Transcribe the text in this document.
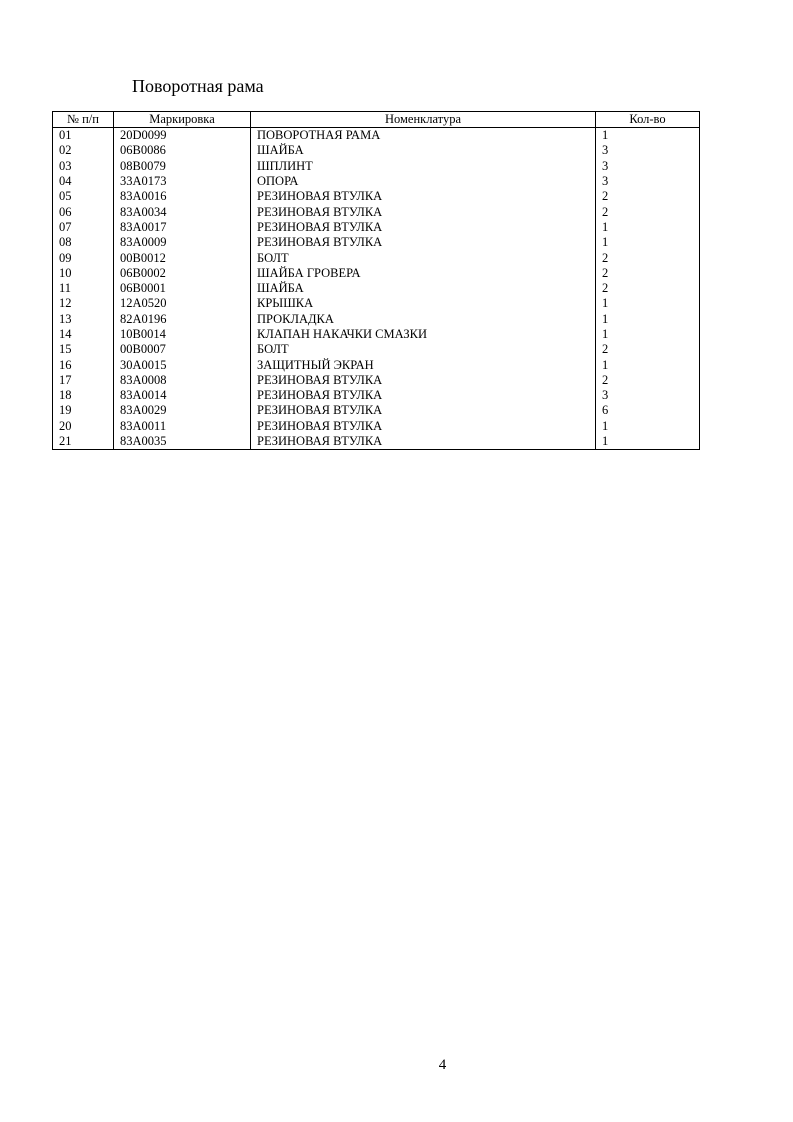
Поворотная рама
№ п/п	Маркировка	Номенклатура	Кол-во
01	20D0099	ПОВОРОТНАЯ РАМА	1
02	06B0086	ШАЙБА	3
03	08B0079	ШПЛИНТ	3
04	33A0173	ОПОРА	3
05	83A0016	РЕЗИНОВАЯ ВТУЛКА	2
06	83A0034	РЕЗИНОВАЯ ВТУЛКА	2
07	83A0017	РЕЗИНОВАЯ ВТУЛКА	1
08	83A0009	РЕЗИНОВАЯ ВТУЛКА	1
09	00B0012	БОЛТ	2
10	06B0002	ШАЙБА ГРОВЕРА	2
11	06B0001	ШАЙБА	2
12	12A0520	КРЫШКА	1
13	82A0196	ПРОКЛАДКА	1
14	10B0014	КЛАПАН НАКАЧКИ СМАЗКИ	1
15	00B0007	БОЛТ	2
16	30A0015	ЗАЩИТНЫЙ ЭКРАН	1
17	83A0008	РЕЗИНОВАЯ ВТУЛКА	2
18	83A0014	РЕЗИНОВАЯ ВТУЛКА	3
19	83A0029	РЕЗИНОВАЯ ВТУЛКА	6
20	83A0011	РЕЗИНОВАЯ ВТУЛКА	1
21	83A0035	РЕЗИНОВАЯ ВТУЛКА	1
4
